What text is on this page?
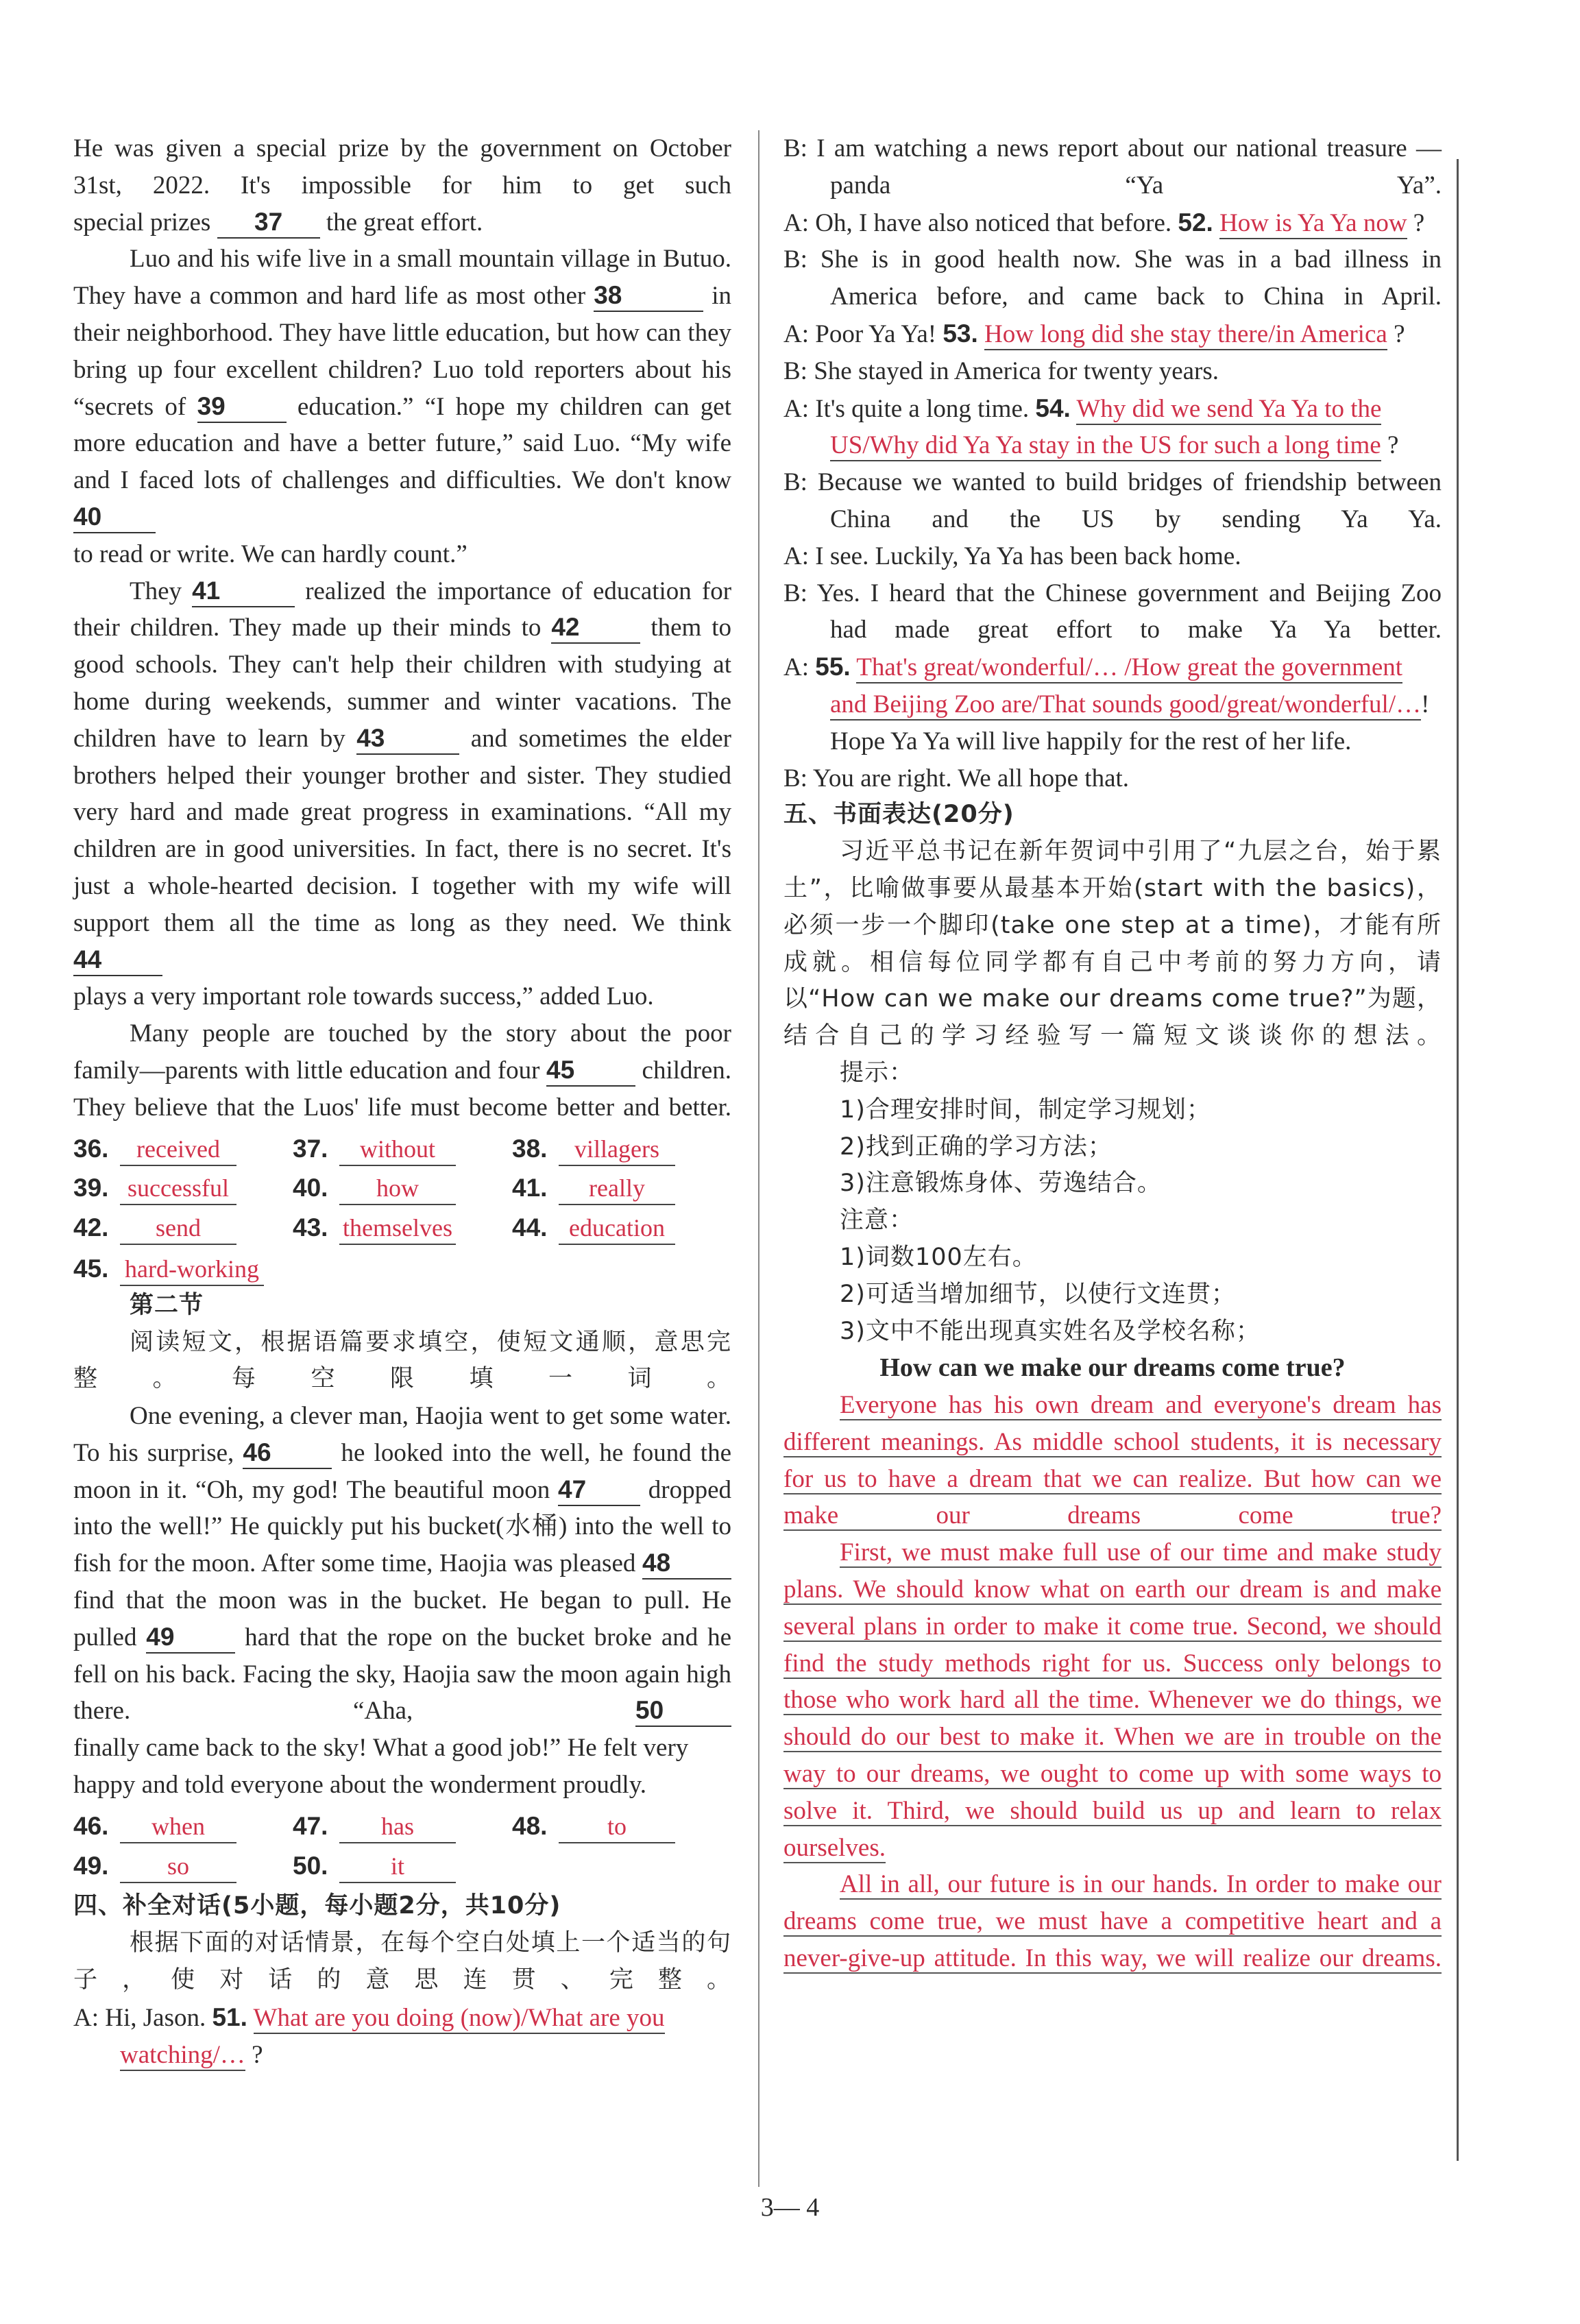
He was given a special prize by the government on October 31st, 2022. It's impossible for him to get such
special prizes 37 the great effort.
Luo and his wife live in a small mountain village in Butuo. They have a common and hard life as most other 38	in their neighborhood. They have little education, but how can they bring up four excellent children? Luo told reporters about his “secrets of 39	education.” “I hope my children can get more education and have a better future,” said Luo. “My wife and I faced lots of challenges and difficulties. We don't know 40
to read or write. We can hardly count.”
They 41	realized the importance of education for their children. They made up their minds to 42	them to good schools. They can't help their children with studying at home during weekends, summer and winter vacations. The children have to learn by 43	and sometimes the elder brothers helped their younger brother and sister. They studied very hard and made great progress in examinations. “All my children are in good universities. In fact, there is no secret. It's just a whole-hearted decision. I together with my wife will support them all the time as long as they need. We think 44
plays a very important role towards success,” added Luo.
Many people are touched by the story about the poor family—parents with little education and four 45	children. They believe that the Luos' life must become better and better.
36.	received	37.	without	38.	villagers
39. successful	40.	how	41.	really
42.	send	43. themselves 44. education
45. hard-working
第二节
阅读短文，根据语篇要求填空，使短文通顺，意思完整。每空限填一词。
One evening, a clever man, Haojia went to get some water. To his surprise, 46	he looked into the well, he found the moon in it. “Oh, my god! The beautiful moon 47 dropped into the well!” He quickly put his bucket(水桶) into the well to fish for the moon. After some time, Haojia was pleased 48 find that the moon was in the bucket. He began to pull. He pulled 49	hard that the rope on the bucket broke and he fell on his back. Facing the sky, Haojia saw the moon again high there. “Aha,	50
finally came back to the sky! What a good job!” He felt very happy and told everyone about the wonderment proudly.
46.	when	47.	has	48.	to
49.	so	50.	it
四、补全对话(5小题，每小题2分，共10分)
根据下面的对话情景，在每个空白处填上一个适当的句子，使对话的意思连贯、完整。
A: Hi, Jason. 51. What are you doing (now)/What are you watching/… ?
B: I am watching a news report about our national treasure — panda “Ya Ya”.
A: Oh, I have also noticed that before. 52. How is Ya Ya now ?
B: She is in good health now. She was in a bad illness in America before, and came back to China in April.
A: Poor Ya Ya! 53. How long did she stay there/in America ?
B: She stayed in America for twenty years.
A: It's quite a long time. 54. Why did we send Ya Ya to the US/Why did Ya Ya stay in the US for such a long time ?
B: Because we wanted to build bridges of friendship between China and the US by sending Ya Ya.
A: I see. Luckily, Ya Ya has been back home.
B: Yes. I heard that the Chinese government and Beijing Zoo had made great effort to make Ya Ya better.
A: 55. That's great/wonderful/… /How great the government and Beijing Zoo are/That sounds good/great/wonderful/…! Hope Ya Ya will live happily for the rest of her life.
B: You are right. We all hope that.
五、书面表达(20分)
习近平总书记在新年贺词中引用了“九层之台，始于累土”，比喻做事要从最基本开始(start with the basics)，必须一步一个脚印(take one step at a time)，才能有所成就。相信每位同学都有自己中考前的努力方向，请以“How can we make our dreams come true?”为题，结合自己的学习经验写一篇短文谈谈你的想法。
提示：
1)合理安排时间，制定学习规划；
2)找到正确的学习方法；
3)注意锻炼身体、劳逸结合。
注意：
1)词数100左右。
2)可适当增加细节，以使行文连贯；
3)文中不能出现真实姓名及学校名称；
How can we make our dreams come true?
Everyone has his own dream and everyone's dream has different meanings. As middle school students, it is necessary for us to have a dream that we can realize. But how can we make our dreams come true?
First, we must make full use of our time and make study plans. We should know what on earth our dream is and make several plans in order to make it come true. Second, we should find the study methods right for us. Success only belongs to those who work hard all the time. Whenever we do things, we should do our best to make it. When we are in trouble on the way to our dreams, we ought to come up with some ways to solve it. Third, we should build us up and learn to relax ourselves.
All in all, our future is in our hands. In order to make our dreams come true, we must have a competitive heart and a never-give-up attitude. In this way, we will realize our dreams.
3— 4
